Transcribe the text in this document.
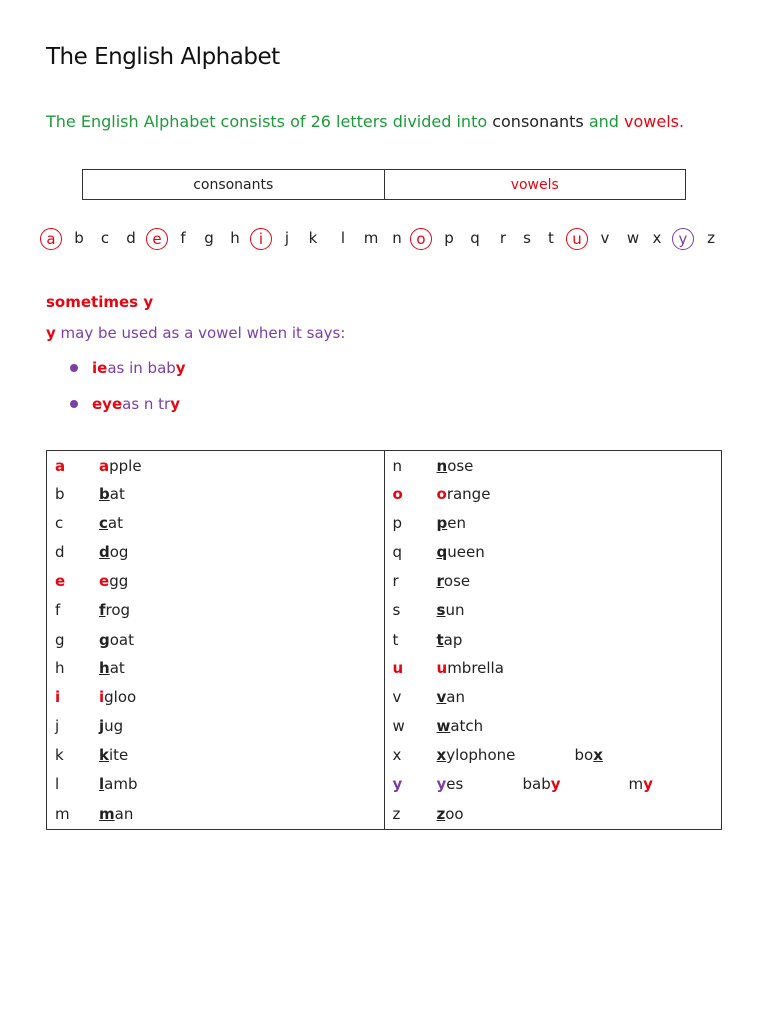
The English Alphabet
The English Alphabet consists of 26 letters divided into consonants and vowels.
consonants	vowels
a	b	c	d	e	f	g	h	i	j	k	l	m n o	p	q	r	s	t	u	v	w x	y	z
sometimes y
y may be used as a vowel when it says:
ie as in bab y
eye as n tr y
a	apple
b	bat
c	cat
d	dog
e	egg
f	frog
g	goat
h	hat
i	igloo
j	jug
k	kite
l	lamb
m	man
n	nose
o	orange
p	pen
q	queen
r	rose
s	sun
t	tap
u	umbrella
v	van
w	watch
x	xylophone	box
y	yes	baby	my
z	zoo
